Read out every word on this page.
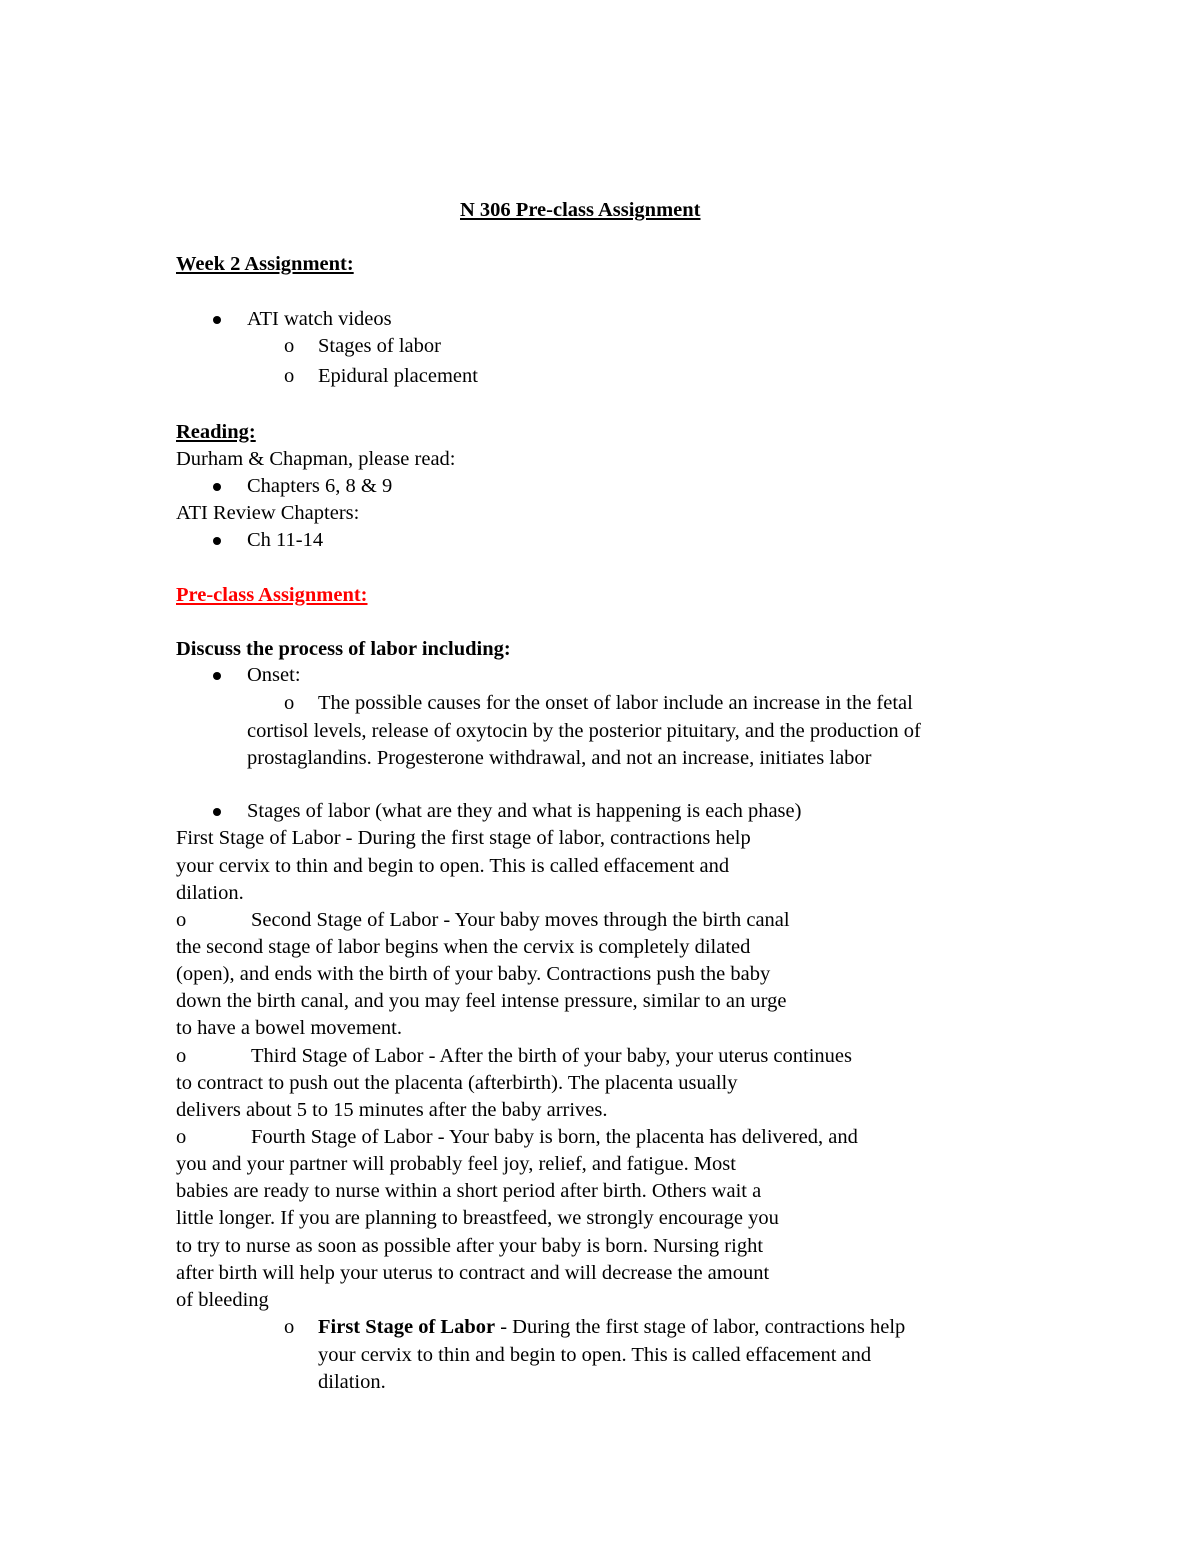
N 306 Pre-class Assignment
Week 2 Assignment:
ATI watch videos
o Stages of labor
o Epidural placement
Reading:
Durham & Chapman, please read:
Chapters 6, 8 & 9
ATI Review Chapters:
Ch 11-14
Pre-class Assignment:
Discuss the process of labor including:
Onset:
o The possible causes for the onset of labor include an increase in the fetal
cortisol levels, release of oxytocin by the posterior pituitary, and the production of
prostaglandins. Progesterone withdrawal, and not an increase, initiates labor
Stages of labor (what are they and what is happening is each phase)
First Stage of Labor - During the first stage of labor, contractions help
your cervix to thin and begin to open. This is called effacement and
dilation.
o	Second Stage of Labor - Your baby moves through the birth canal
the second stage of labor begins when the cervix is completely dilated
(open), and ends with the birth of your baby. Contractions push the baby
down the birth canal, and you may feel intense pressure, similar to an urge
to have a bowel movement.
o	Third Stage of Labor - After the birth of your baby, your uterus continues
to contract to push out the placenta (afterbirth). The placenta usually
delivers about 5 to 15 minutes after the baby arrives.
o	Fourth Stage of Labor - Your baby is born, the placenta has delivered, and
you and your partner will probably feel joy, relief, and fatigue. Most
babies are ready to nurse within a short period after birth. Others wait a
little longer. If you are planning to breastfeed, we strongly encourage you
to try to nurse as soon as possible after your baby is born. Nursing right
after birth will help your uterus to contract and will decrease the amount
of bleeding
o First Stage of Labor - During the first stage of labor, contractions help
your cervix to thin and begin to open. This is called effacement and
dilation.
